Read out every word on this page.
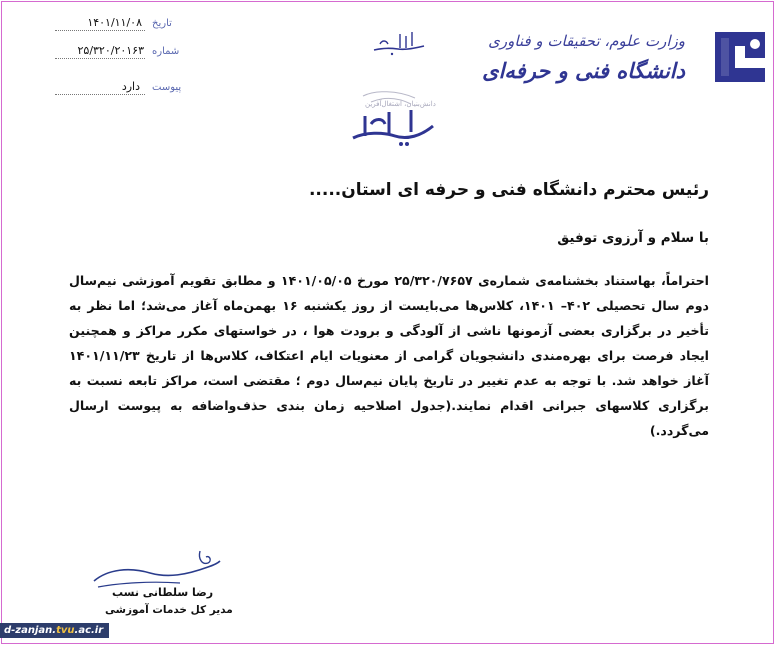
۱۴۰۱/۱۱/۰۸ تاریخ
۲۵/۳۲۰/۲۰۱۶۳ شماره
دارد پیوست
وزارت علوم، تحقیقات و فناوری
دانشگاه فنی و حرفه‌ای
دانش‌بنیان، اشتغال‌آفرین
رئیس محترم دانشگاه فنی و حرفه ای استان.....
با سلام و آرزوی توفیق
احتراماً، بهاستناد بخشنامه‌ی شماره‌ی ۲۵/۳۲۰/۷۶۵۷ مورخ ۱۴۰۱/۰۵/۰۵ و مطابق تقویم آموزشی نیم‌سال دوم سال تحصیلی ۴۰۲– ۱۴۰۱، کلاس‌ها می‌بایست از روز یکشنبه ۱۶ بهمن‌ماه آغاز می‌شد؛ اما نظر به تأخیر در برگزاری بعضی آزمونها ناشی از آلودگی و برودت هوا ، در خواستهای مکرر مراکز و همچنین ایجاد فرصت برای بهره‌مندی دانشجویان گرامی از معنویات ایام اعتکاف، کلاس‌ها از تاریخ ۱۴۰۱/۱۱/۲۳ آغاز خواهد شد. با توجه به عدم تغییر در تاریخ پایان نیم‌سال دوم ؛ مقتضی است، مراکز تابعه نسبت به برگزاری کلاسهای جبرانی اقدام نمایند.(جدول اصلاحیه زمان بندی حذف‌واضافه به پیوست ارسال می‌گردد.)
رضا سلطانی نسب
مدیر کل خدمات آموزشی
d-zanjan.tvu.ac.ir
